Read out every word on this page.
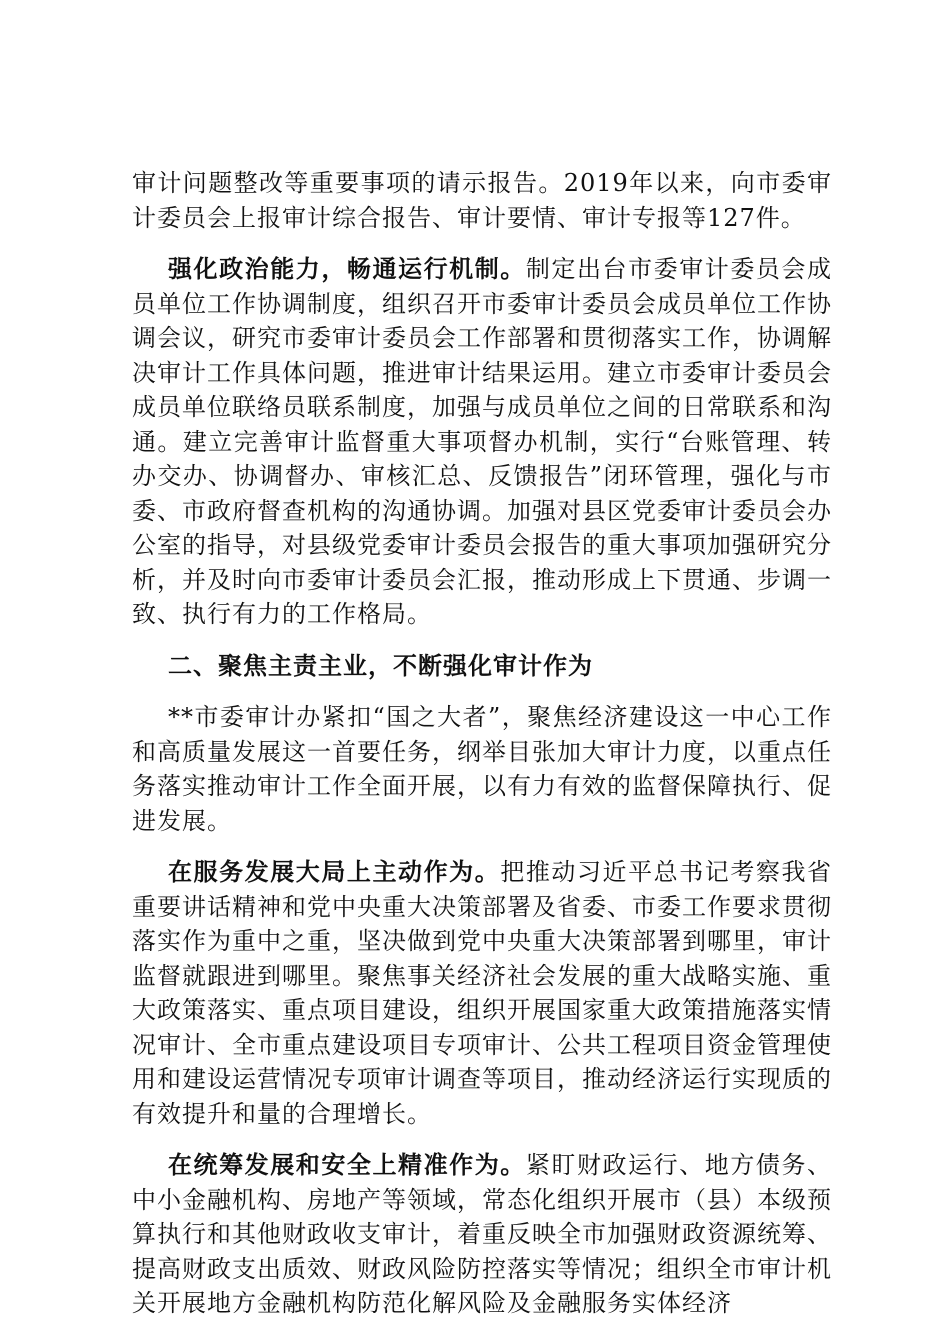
审计问题整改等重要事项的请示报告。2019年以来，向市委审计委员会上报审计综合报告、审计要情、审计专报等127件。

强化政治能力，畅通运行机制。制定出台市委审计委员会成员单位工作协调制度，组织召开市委审计委员会成员单位工作协调会议，研究市委审计委员会工作部署和贯彻落实工作，协调解决审计工作具体问题，推进审计结果运用。建立市委审计委员会成员单位联络员联系制度，加强与成员单位之间的日常联系和沟通。建立完善审计监督重大事项督办机制，实行“台账管理、转办交办、协调督办、审核汇总、反馈报告”闭环管理，强化与市委、市政府督查机构的沟通协调。加强对县区党委审计委员会办公室的指导，对县级党委审计委员会报告的重大事项加强研究分析，并及时向市委审计委员会汇报，推动形成上下贯通、步调一致、执行有力的工作格局。

二、聚焦主责主业，不断强化审计作为

**市委审计办紧扣“国之大者”，聚焦经济建设这一中心工作和高质量发展这一首要任务，纲举目张加大审计力度，以重点任务落实推动审计工作全面开展，以有力有效的监督保障执行、促进发展。

在服务发展大局上主动作为。把推动习近平总书记考察我省重要讲话精神和党中央重大决策部署及省委、市委工作要求贯彻落实作为重中之重，坚决做到党中央重大决策部署到哪里，审计监督就跟进到哪里。聚焦事关经济社会发展的重大战略实施、重大政策落实、重点项目建设，组织开展国家重大政策措施落实情况审计、全市重点建设项目专项审计、公共工程项目资金管理使用和建设运营情况专项审计调查等项目，推动经济运行实现质的有效提升和量的合理增长。

在统筹发展和安全上精准作为。紧盯财政运行、地方债务、中小金融机构、房地产等领域，常态化组织开展市（县）本级预算执行和其他财政收支审计，着重反映全市加强财政资源统筹、提高财政支出质效、财政风险防控落实等情况；组织全市审计机关开展地方金融机构防范化解风险及金融服务实体经济
